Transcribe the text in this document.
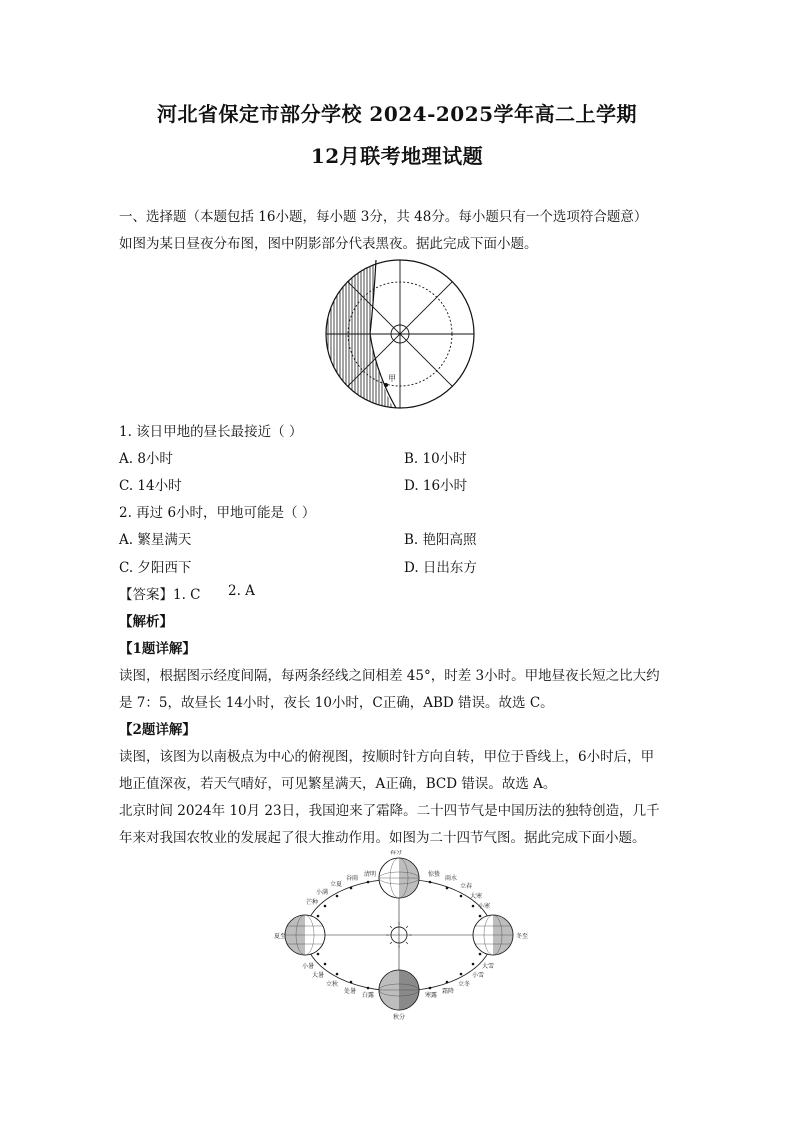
河北省保定市部分学校 2024-2025学年高二上学期
12月联考地理试题
一、选择题（本题包括 16小题，每小题 3分，共 48分。每小题只有一个选项符合题意）
如图为某日昼夜分布图，图中阴影部分代表黑夜。据此完成下面小题。
甲
1. 该日甲地的昼长最接近（ ）
A. 8小时	B. 10小时
C. 14小时	D. 16小时
2. 再过 6小时，甲地可能是（ ）
A. 繁星满天	B. 艳阳高照
C. 夕阳西下	D. 日出东方
【答案】1. C 2. A
【解析】
【1题详解】
读图，根据图示经度间隔，每两条经线之间相差 45°，时差 3小时。甲地昼夜长短之比大约
是 7：5，故昼长 14小时，夜长 10小时，C正确，ABD 错误。故选 C。
【2题详解】
读图，该图为以南极点为中心的俯视图，按顺时针方向自转，甲位于昏线上，6小时后，甲
地正值深夜，若天气晴好，可见繁星满天，A正确，BCD 错误。故选 A。
北京时间 2024年 10月 23日，我国迎来了霜降。二十四节气是中国历法的独特创造，几千
年来对我国农牧业的发展起了很大推动作用。如图为二十四节气图。据此完成下面小题。
春分
夏至	冬至
秋分
清明
谷雨
立夏
小满
芒种
惊蛰
雨水
立春
大寒
小寒
小暑
大暑
立秋
处暑
白露	寒露
霜降
立冬
小雪
大雪
